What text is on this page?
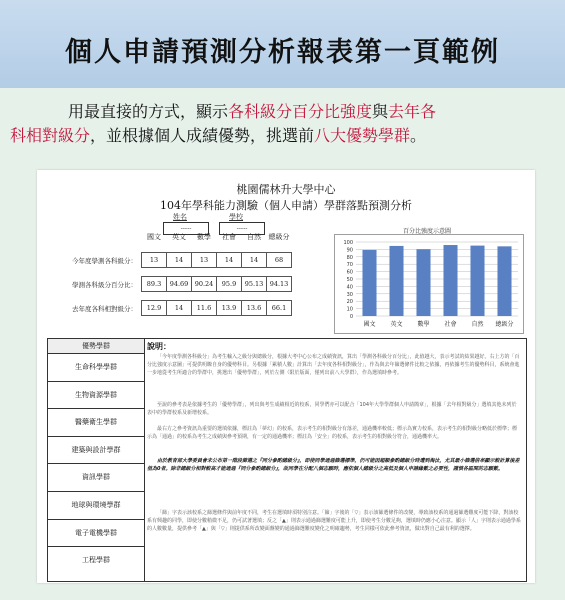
個人申請預測分析報表第一頁範例
用最直接的方式，顯示各科級分百分比強度與去年各
科相對級分，並根據個人成績優勢，挑選前八大優勢學群。
桃園儒林升大學中心
104年學科能力測驗（個人申請）學群落點預測分析
姓名
-----
學校
-----
	國文	英文	數學	社會	自然	總級分

今年度學測各科級分：	13	14	13	14	14	68

學測各科級分百分比：	89.3	94.69	90.24	95.9	95.13	94.13

去年度各科相對級分：	12.9	14	11.6	13.9	13.6	66.1
百分比強度示意圖
國文 英文 數學 社會 自然 總級分
0
10
20
30
40
50
60
70
80
90
100
優勢學群
生命科學學群
生物資源學群
醫藥衛生學群
建築與設計學群
資訊學群
地球與環境學群
電子電機學群
工程學群
說明：

「今年度學測各科級分」為考生輸入之級分與總級分，根據大考中心公布之成績資訊，算出「學測各科級分百分比」，此值越大，表示考試的結果越好。右上方的「百分比強度示意圖」可提供明瞭自身的優勢科目。另根據「累積人數」計算出「去年度各科相對級分」，作為與去年篩選條件比較之依據，再依據考生的優勢科目，系統會進一步地從考生所適合的學群中，挑選出「優勢學群」，列於左側（限於版面，僅列出前八大學群），作為選填時參考。

至說的參考表是依據考生的「優勢學群」，列出與考生成績相近的校系，同學們亦可以配合「104年大學學群個人申請簡章」，根據「去年相對級分」選填其他未列於表中的學群校系及新增校系。

最右方之參考資訊為重要的選填依據，標註為「夢幻」的校系，表示考生的相對級分有落差，通過機率較低；標示為實力校系，表示考生的相對級分略低於標準；標示為「通過」的校系為考生之成績與參考預期，有一定的通過機率；標註為「安全」的校系，表示考生的相對級分符合，通過機率大。

由於教育部大學委員會未公布第一階段篩選之『同分參酌總級分』，即使同學通過篩選標準，仍可能因超額參酌總級分時遭到淘汰，尤其最小篩選倍率顯示較計算後差值為0者。除非總級分相對較高才能通過『同分參酌總級分』，故同學在分配八個志願時，應依個人總級分之高低及個人申請緣數之必要性，謹慎各區間的志願數。

「篩」字表示該校系之篩選條件與前年度不同，考生在選填時須特別注意。「篩」字後的「▽」表示該篩選條件的改變，導致該校系的通過篩選難度可能下降，對該校系有興趣的同學，即使分數稍微不足，仍可試著選填；反之「▲」則表示通過篩選難度可能上升，即使考生分數足夠，選填時仍應小心注意。顯示「人」字則表示通過學系的人數數量，提供參考「▲」與「▽」則提供系所改變面盤變的通過篩選難度變化之明確趨勢，考生同樣可依此參考資訊，做出對自己最有利的選擇。
